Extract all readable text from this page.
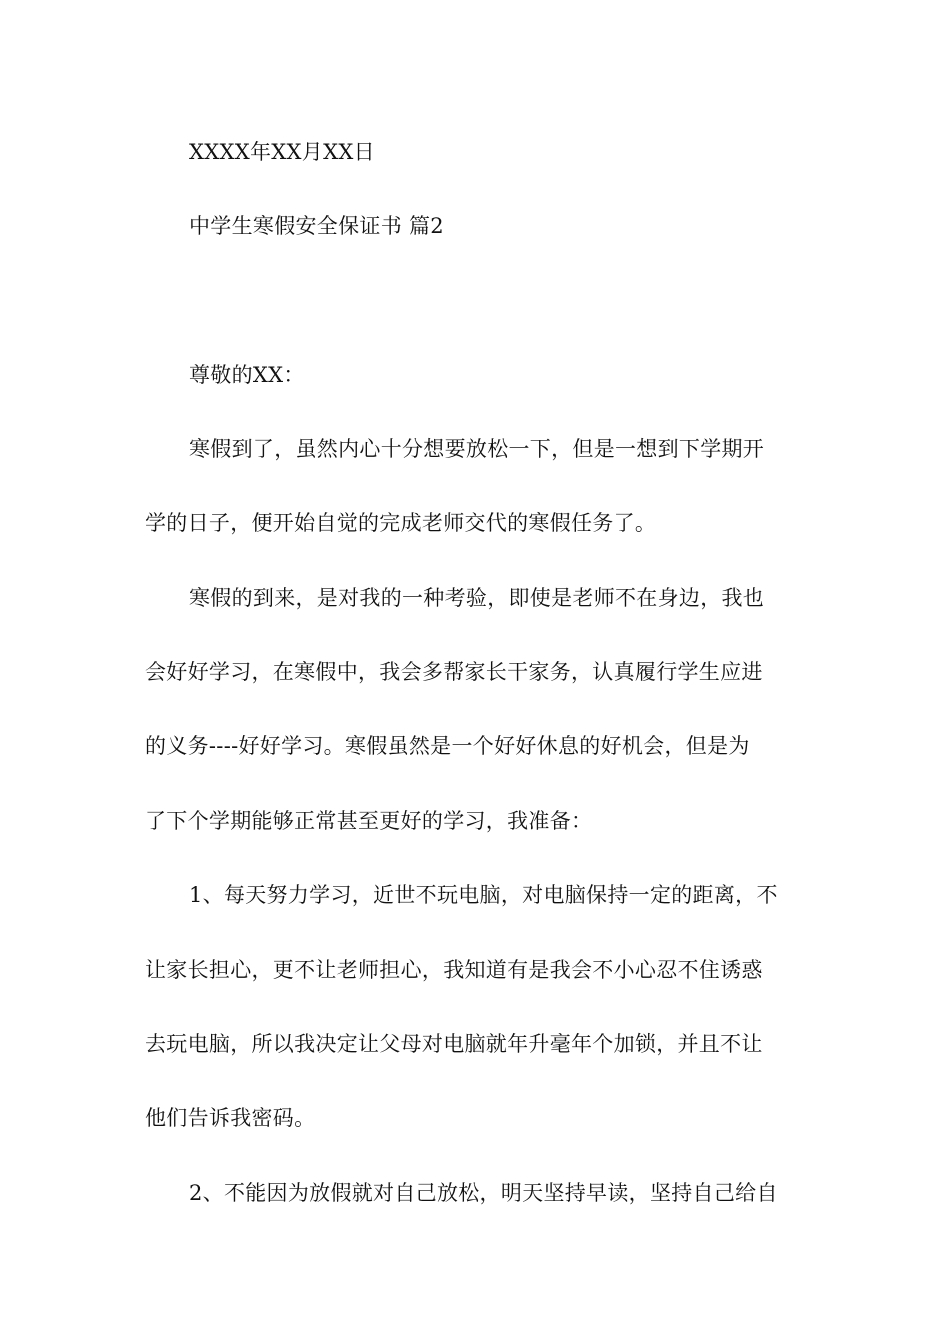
XXXX年XX月XX日
中学生寒假安全保证书 篇2
尊敬的XX：
寒假到了，虽然内心十分想要放松一下，但是一想到下学期开
学的日子，便开始自觉的完成老师交代的寒假任务了。
寒假的到来，是对我的一种考验，即使是老师不在身边，我也
会好好学习，在寒假中，我会多帮家长干家务，认真履行学生应进
的义务----好好学习。寒假虽然是一个好好休息的好机会，但是为
了下个学期能够正常甚至更好的学习，我准备：
1、每天努力学习，近世不玩电脑，对电脑保持一定的距离，不
让家长担心，更不让老师担心，我知道有是我会不小心忍不住诱惑
去玩电脑，所以我决定让父母对电脑就年升毫年个加锁，并且不让
他们告诉我密码。
2、不能因为放假就对自己放松，明天坚持早读，坚持自己给自
